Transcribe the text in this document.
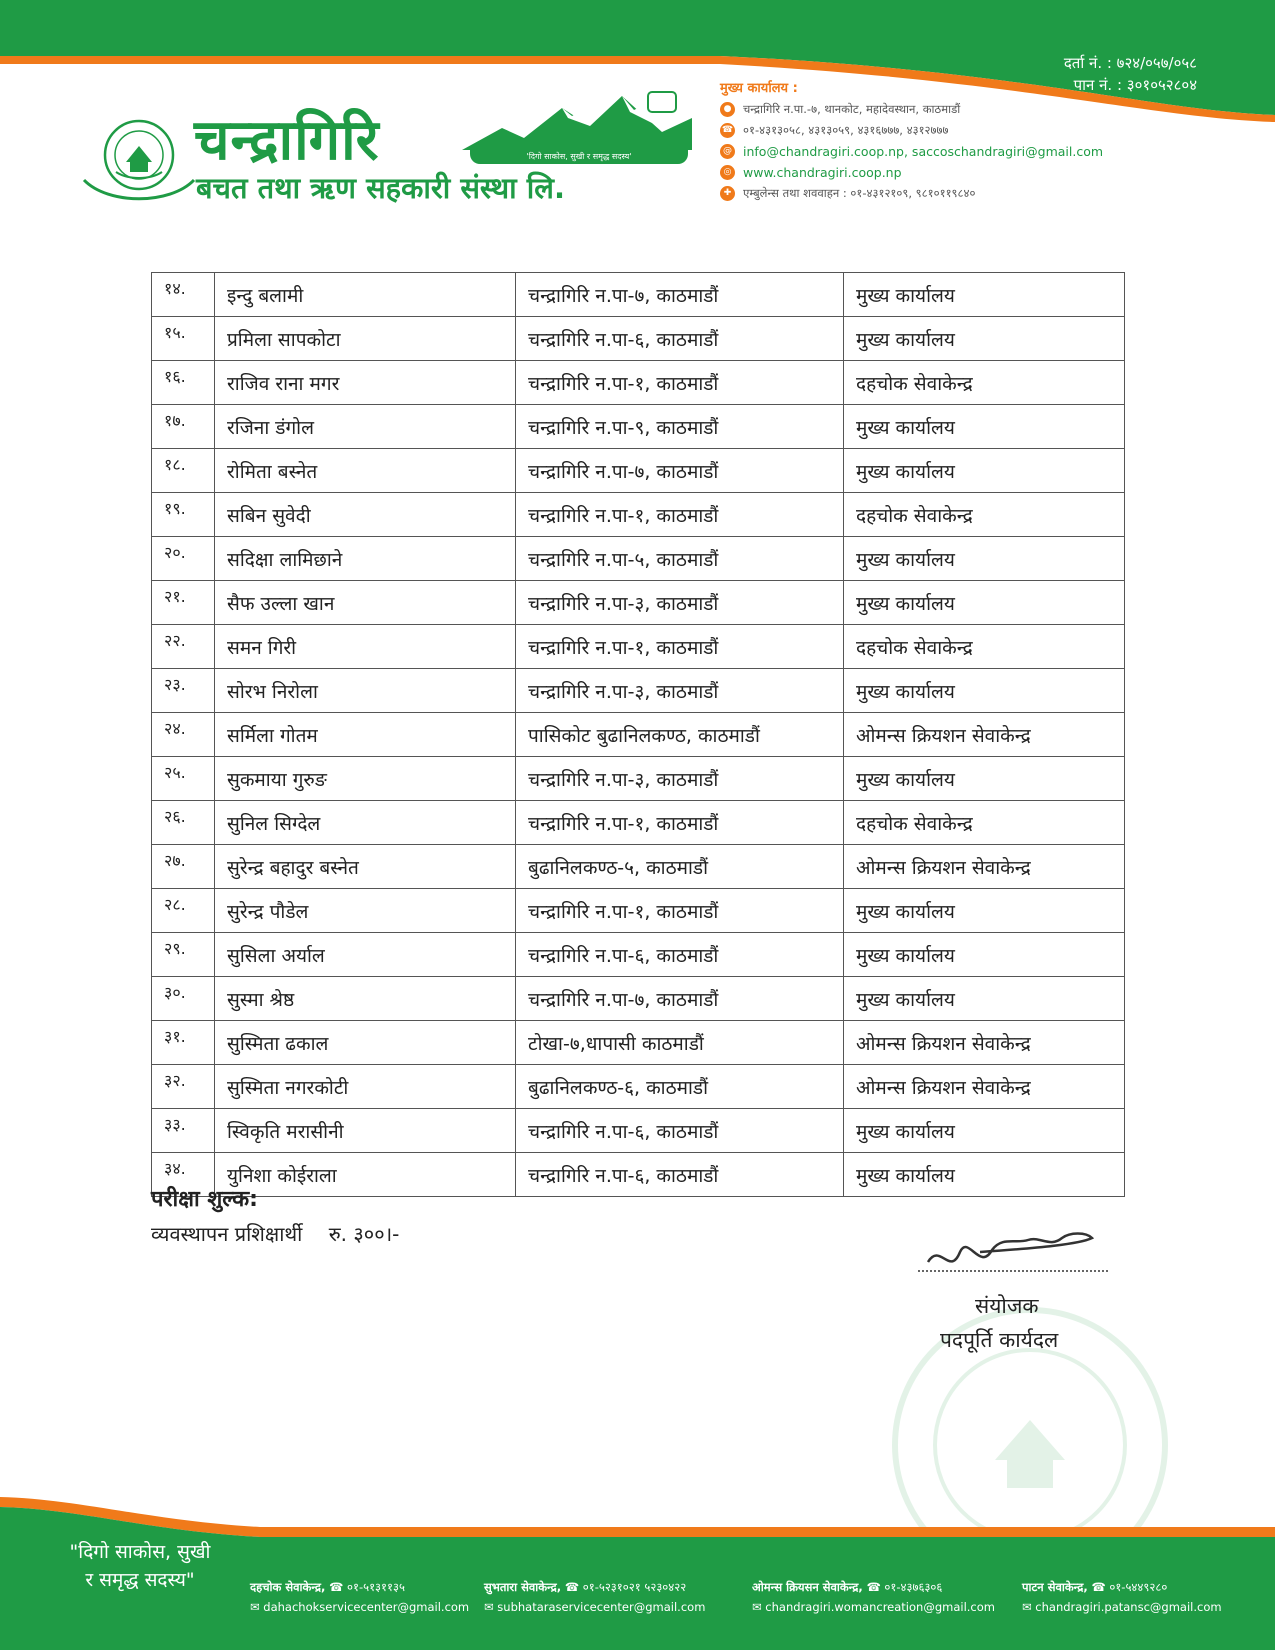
दर्ता नं. : ७२४/०५७/०५८
पान नं. : ३०१०५२८०४
चन्द्रागिरि
बचत तथा ऋण सहकारी संस्था लि.
'दिगो साकोस, सुखी र समृद्ध सदस्य'
मुख्य कार्यालय :
●	चन्द्रागिरि न.पा.-७, थानकोट, महादेवस्थान, काठमाडौं
☎ ०१-४३१३०५८, ४३१३०५९, ४३१६७७७, ४३१२७७७
@ info@chandragiri.coop.np, saccoschandragiri@gmail.com
◎ www.chandragiri.coop.np
✚	एम्बुलेन्स तथा शववाहन : ०१-४३१२१०९, ९८१०११९८४०
१४.	इन्दु बलामी	चन्द्रागिरि न.पा-७, काठमाडौं	मुख्य कार्यालय
१५.	प्रमिला सापकोटा	चन्द्रागिरि न.पा-६, काठमाडौं	मुख्य कार्यालय
१६.	राजिव राना मगर	चन्द्रागिरि न.पा-१, काठमाडौं	दहचोक सेवाकेन्द्र
१७.	रजिना डंगोल	चन्द्रागिरि न.पा-९, काठमाडौं	मुख्य कार्यालय
१८.	रोमिता बस्नेत	चन्द्रागिरि न.पा-७, काठमाडौं	मुख्य कार्यालय
१९.	सबिन सुवेदी	चन्द्रागिरि न.पा-१, काठमाडौं	दहचोक सेवाकेन्द्र
२०.	सदिक्षा लामिछाने	चन्द्रागिरि न.पा-५, काठमाडौं	मुख्य कार्यालय
२१.	सैफ उल्ला खान	चन्द्रागिरि न.पा-३, काठमाडौं	मुख्य कार्यालय
२२.	समन गिरी	चन्द्रागिरि न.पा-१, काठमाडौं	दहचोक सेवाकेन्द्र
२३.	सोरभ निरोला	चन्द्रागिरि न.पा-३, काठमाडौं	मुख्य कार्यालय
२४.	सर्मिला गोतम	पासिकोट बुढानिलकण्ठ, काठमाडौं	ओमन्स क्रियशन सेवाकेन्द्र
२५.	सुकमाया गुरुङ	चन्द्रागिरि न.पा-३, काठमाडौं	मुख्य कार्यालय
२६.	सुनिल सिग्देल	चन्द्रागिरि न.पा-१, काठमाडौं	दहचोक सेवाकेन्द्र
२७.	सुरेन्द्र बहादुर बस्नेत	बुढानिलकण्ठ-५, काठमाडौं	ओमन्स क्रियशन सेवाकेन्द्र
२८.	सुरेन्द्र पौडेल	चन्द्रागिरि न.पा-१, काठमाडौं	मुख्य कार्यालय
२९.	सुसिला अर्याल	चन्द्रागिरि न.पा-६, काठमाडौं	मुख्य कार्यालय
३०.	सुस्मा श्रेष्ठ	चन्द्रागिरि न.पा-७, काठमाडौं	मुख्य कार्यालय
३१.	सुस्मिता ढकाल	टोखा-७,धापासी काठमाडौं	ओमन्स क्रियशन सेवाकेन्द्र
३२.	सुस्मिता नगरकोटी	बुढानिलकण्ठ-६, काठमाडौं	ओमन्स क्रियशन सेवाकेन्द्र
३३.	स्विकृति मरासीनी	चन्द्रागिरि न.पा-६, काठमाडौं	मुख्य कार्यालय
३४.	युनिशा कोईराला	चन्द्रागिरि न.पा-६, काठमाडौं	मुख्य कार्यालय
परीक्षा शुल्क:
व्यवस्थापन प्रशिक्षार्थी रु. ३००।-
संयोजक
पदपूर्ति कार्यदल
"दिगो साकोस, सुखी
र समृद्ध सदस्य"	दहचोक सेवाकेन्द्र, ☎ ०१-५१३११३५
✉ dahachokservicecenter@gmail.com
सुभतारा सेवाकेन्द्र, ☎ ०१-५२३१०२१ ५२३०४२२
✉ subhataraservicecenter@gmail.com
ओमन्स क्रियसन सेवाकेन्द्र, ☎ ०१-४३७६३०६
✉ chandragiri.womancreation@gmail.com
पाटन सेवाकेन्द्र, ☎ ०१-५४४९२८०
✉ chandragiri.patansc@gmail.com
